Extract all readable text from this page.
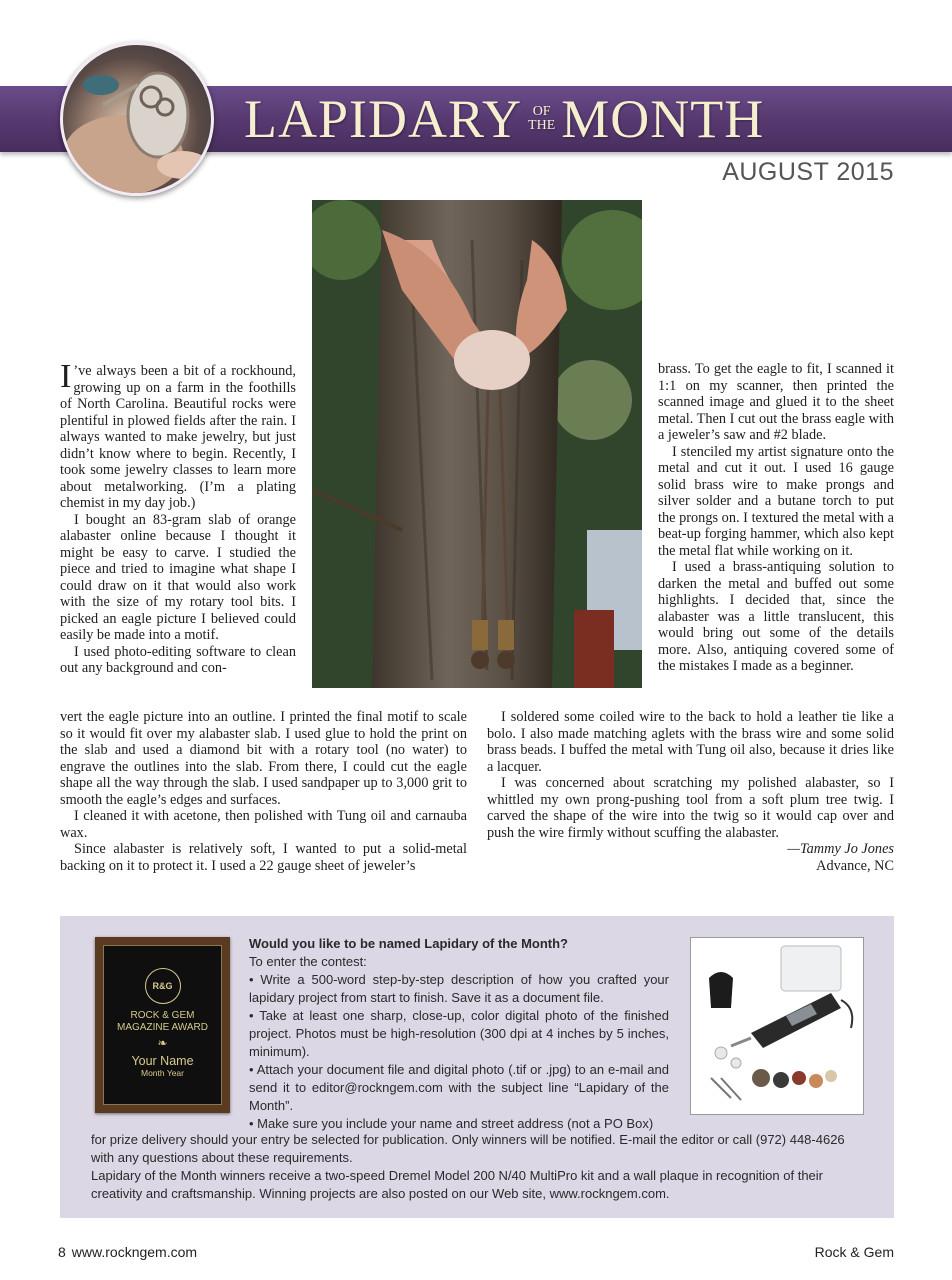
LAPIDARY OF
THE MONTH
AUGUST 2015

I ’ve always been a bit of a rockhound, growing up on a farm in the foothills of North Carolina. Beautiful rocks were plentiful in plowed fields after the rain. I always wanted to make jewelry, but just didn’t know where to begin. Recently, I took some jewelry classes to learn more about metalworking. (I’m a plating chemist in my day job.)

I bought an 83-gram slab of orange alabaster online because I thought it might be easy to carve. I studied the piece and tried to imagine what shape I could draw on it that would also work with the size of my rotary tool bits. I picked an eagle picture I believed could easily be made into a motif.

I used photo-editing software to clean out any background and con-

vert the eagle picture into an outline. I printed the final motif to scale so it would fit over my alabaster slab. I used glue to hold the print on the slab and used a diamond bit with a rotary tool (no water) to engrave the outlines into the slab. From there, I could cut the eagle shape all the way through the slab. I used sandpaper up to 3,000 grit to smooth the eagle’s edges and surfaces.

I cleaned it with acetone, then polished with Tung oil and carnauba wax.

Since alabaster is relatively soft, I wanted to put a solid-metal backing on it to protect it. I used a 22 gauge sheet of jeweler’s

brass. To get the eagle to fit, I scanned it 1:1 on my scanner, then printed the scanned image and glued it to the sheet metal. Then I cut out the brass eagle with a jeweler’s saw and #2 blade.

I stenciled my artist signature onto the metal and cut it out. I used 16 gauge solid brass wire to make prongs and silver solder and a butane torch to put the prongs on. I textured the metal with a beat-up forging hammer, which also kept the metal flat while working on it.

I used a brass-antiquing solution to darken the metal and buffed out some highlights. I decided that, since the alabaster was a little translucent, this would bring out some of the details more. Also, antiquing covered some of the mistakes I made as a beginner.

I soldered some coiled wire to the back to hold a leather tie like a bolo. I also made matching aglets with the brass wire and some solid brass beads. I buffed the metal with Tung oil also, because it dries like a lacquer.

I was concerned about scratching my polished alabaster, so I whittled my own prong-pushing tool from a soft plum tree twig. I carved the shape of the wire into the twig so it would cap over and push the wire firmly without scuffing the alabaster.

—Tammy Jo Jones

Advance, NC

R&G
ROCK & GEM
MAGAZINE AWARD
❧
Your Name
Month Year

Would you like to be named Lapidary of the Month?

To enter the contest:

• Write a 500-word step-by-step description of how you crafted your lapidary project from start to finish. Save it as a document file.

• Take at least one sharp, close-up, color digital photo of the finished project. Photos must be high-resolution (300 dpi at 4 inches by 5 inches, minimum).

• Attach your document file and digital photo (.tif or .jpg) to an e-mail and send it to editor@rockngem.com with the subject line “Lapidary of the Month”.

• Make sure you include your name and street address (not a PO Box)

for prize delivery should your entry be selected for publication. Only winners will be notified. E-mail the editor or call (972) 448-4626 with any questions about these requirements.

Lapidary of the Month winners receive a two-speed Dremel Model 200 N/40 MultiPro kit and a wall plaque in recognition of their creativity and craftsmanship. Winning projects are also posted on our Web site, www.rockngem.com.

8 www.rockngem.com	Rock & Gem
